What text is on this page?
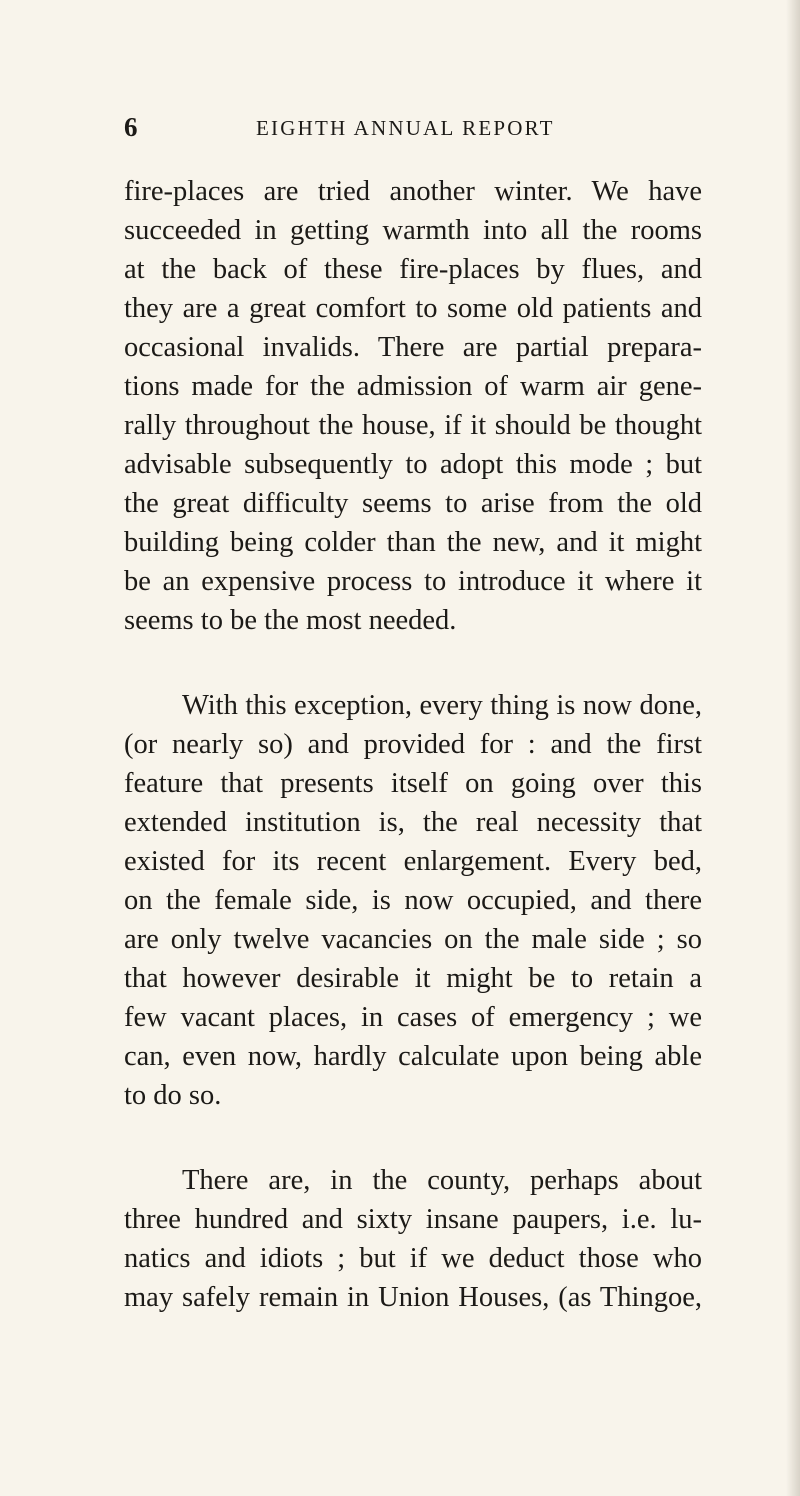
6	EIGHTH ANNUAL REPORT
fire-places are tried another winter. We have
succeeded in getting warmth into all the rooms
at the back of these fire-places by flues, and
they are a great comfort to some old patients and
occasional invalids. There are partial prepara-
tions made for the admission of warm air gene-
rally throughout the house, if it should be thought
advisable subsequently to adopt this mode ; but
the great difficulty seems to arise from the old
building being colder than the new, and it might
be an expensive process to introduce it where it
seems to be the most needed.
With this exception, every thing is now done,
(or nearly so) and provided for : and the first
feature that presents itself on going over this
extended institution is, the real necessity that
existed for its recent enlargement. Every bed,
on the female side, is now occupied, and there
are only twelve vacancies on the male side ; so
that however desirable it might be to retain a
few vacant places, in cases of emergency ; we
can, even now, hardly calculate upon being able
to do so.
There are, in the county, perhaps about
three hundred and sixty insane paupers, i.e. lu-
natics and idiots ; but if we deduct those who
may safely remain in Union Houses, (as Thingoe,
